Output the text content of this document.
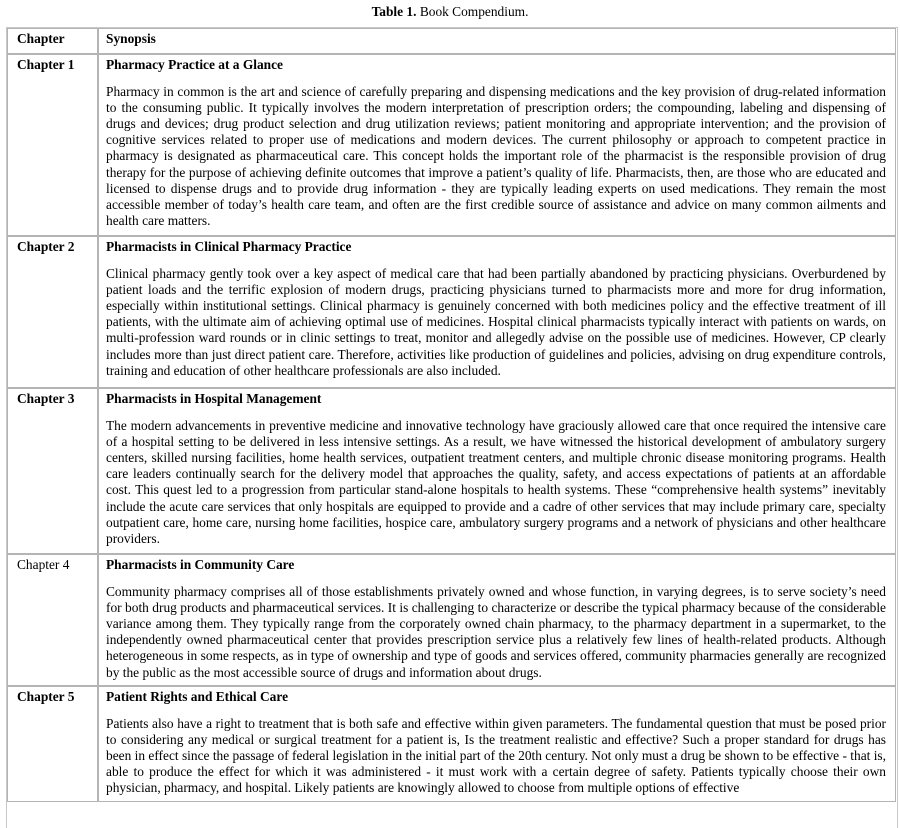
Table 1. Book Compendium.
Chapter	Synopsis
Chapter 1	Pharmacy Practice at a Glance

Pharmacy in common is the art and science of carefully preparing and dispensing medications and the key provision of drug-related information to the consuming public. It typically involves the modern interpretation of prescription orders; the compounding, labeling and dispensing of drugs and devices; drug product selection and drug utilization reviews; patient monitoring and appropriate intervention; and the provision of cognitive services related to proper use of medications and modern devices. The current philosophy or approach to competent practice in pharmacy is designated as pharmaceutical care. This concept holds the important role of the pharmacist is the responsible provision of drug therapy for the purpose of achieving definite outcomes that improve a patient’s quality of life. Pharmacists, then, are those who are educated and licensed to dispense drugs and to provide drug information - they are typically leading experts on used medications. They remain the most accessible member of today’s health care team, and often are the first credible source of assistance and advice on many common ailments and health care matters.

Chapter 2	Pharmacists in Clinical Pharmacy Practice

Clinical pharmacy gently took over a key aspect of medical care that had been partially abandoned by practicing physicians. Overburdened by patient loads and the terrific explosion of modern drugs, practicing physicians turned to pharmacists more and more for drug information, especially within institutional settings. Clinical pharmacy is genuinely concerned with both medicines policy and the effective treatment of ill patients, with the ultimate aim of achieving optimal use of medicines. Hospital clinical pharmacists typically interact with patients on wards, on multi-profession ward rounds or in clinic settings to treat, monitor and allegedly advise on the possible use of medicines. However, CP clearly includes more than just direct patient care. Therefore, activities like production of guidelines and policies, advising on drug expenditure controls, training and education of other healthcare professionals are also included.

Chapter 3	Pharmacists in Hospital Management

The modern advancements in preventive medicine and innovative technology have graciously allowed care that once required the intensive care of a hospital setting to be delivered in less intensive settings. As a result, we have witnessed the historical development of ambulatory surgery centers, skilled nursing facilities, home health services, outpatient treatment centers, and multiple chronic disease monitoring programs. Health care leaders continually search for the delivery model that approaches the quality, safety, and access expectations of patients at an affordable cost. This quest led to a progression from particular stand-alone hospitals to health systems. These “comprehensive health systems” inevitably include the acute care services that only hospitals are equipped to provide and a cadre of other services that may include primary care, specialty outpatient care, home care, nursing home facilities, hospice care, ambulatory surgery programs and a network of physicians and other healthcare providers.

Chapter 4	Pharmacists in Community Care

Community pharmacy comprises all of those establishments privately owned and whose function, in varying degrees, is to serve society’s need for both drug products and pharmaceutical services. It is challenging to characterize or describe the typical pharmacy because of the considerable variance among them. They typically range from the corporately owned chain pharmacy, to the pharmacy department in a supermarket, to the independently owned pharmaceutical center that provides prescription service plus a relatively few lines of health-related products. Although heterogeneous in some respects, as in type of ownership and type of goods and services offered, community pharmacies generally are recognized by the public as the most accessible source of drugs and information about drugs.

Chapter 5	Patient Rights and Ethical Care

Patients also have a right to treatment that is both safe and effective within given parameters. The fundamental question that must be posed prior to considering any medical or surgical treatment for a patient is, Is the treatment realistic and effective? Such a proper standard for drugs has been in effect since the passage of federal legislation in the initial part of the 20th century. Not only must a drug be shown to be effective - that is, able to produce the effect for which it was administered - it must work with a certain degree of safety. Patients typically choose their own physician, pharmacy, and hospital. Likely patients are knowingly allowed to choose from multiple options of effective
